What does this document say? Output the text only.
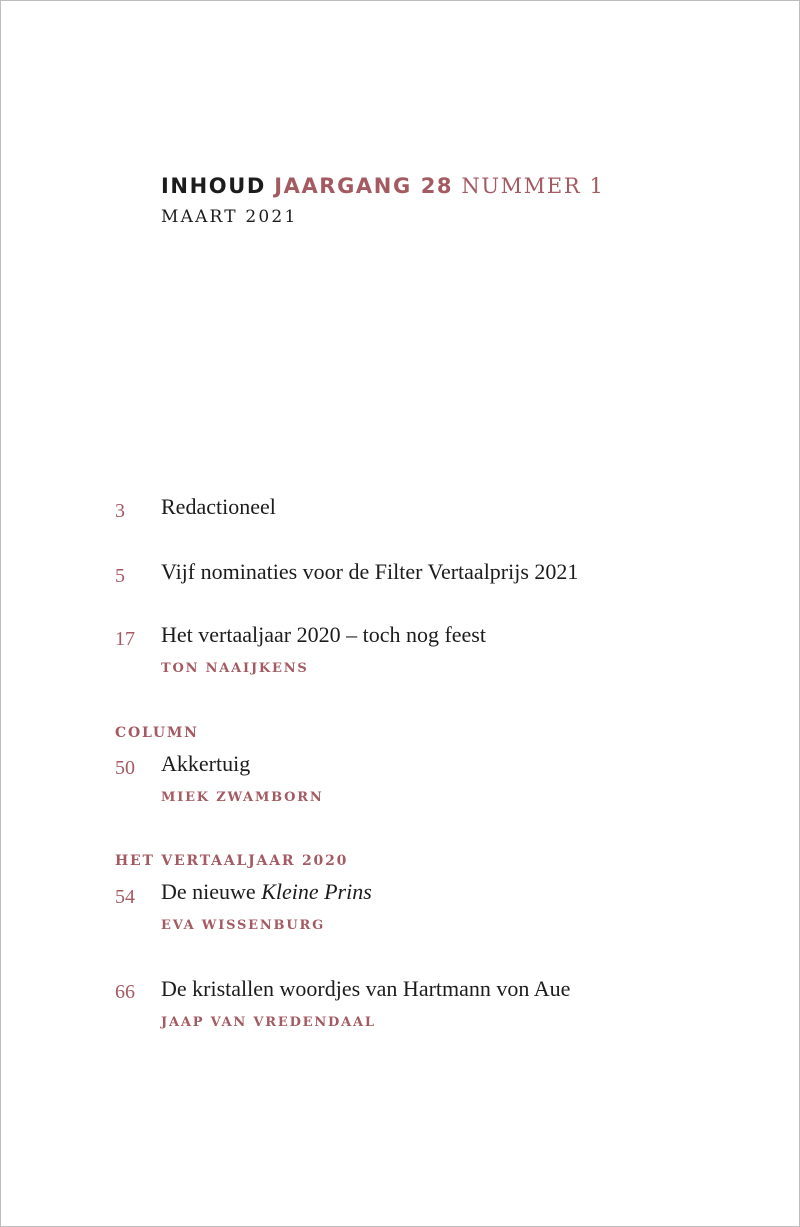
INHOUD JAARGANG 28 NUMMER 1
MAART 2021
3 Redactioneel
5 Vijf nominaties voor de Filter Vertaalprijs 2021
17 Het vertaaljaar 2020 – toch nog feest
TON NAAIJKENS
COLUMN
50 Akkertuig
MIEK ZWAMBORN
HET VERTAALJAAR 2020
54 De nieuwe Kleine Prins
EVA WISSENBURG
66 De kristallen woordjes van Hartmann von Aue
JAAP VAN VREDENDAAL
